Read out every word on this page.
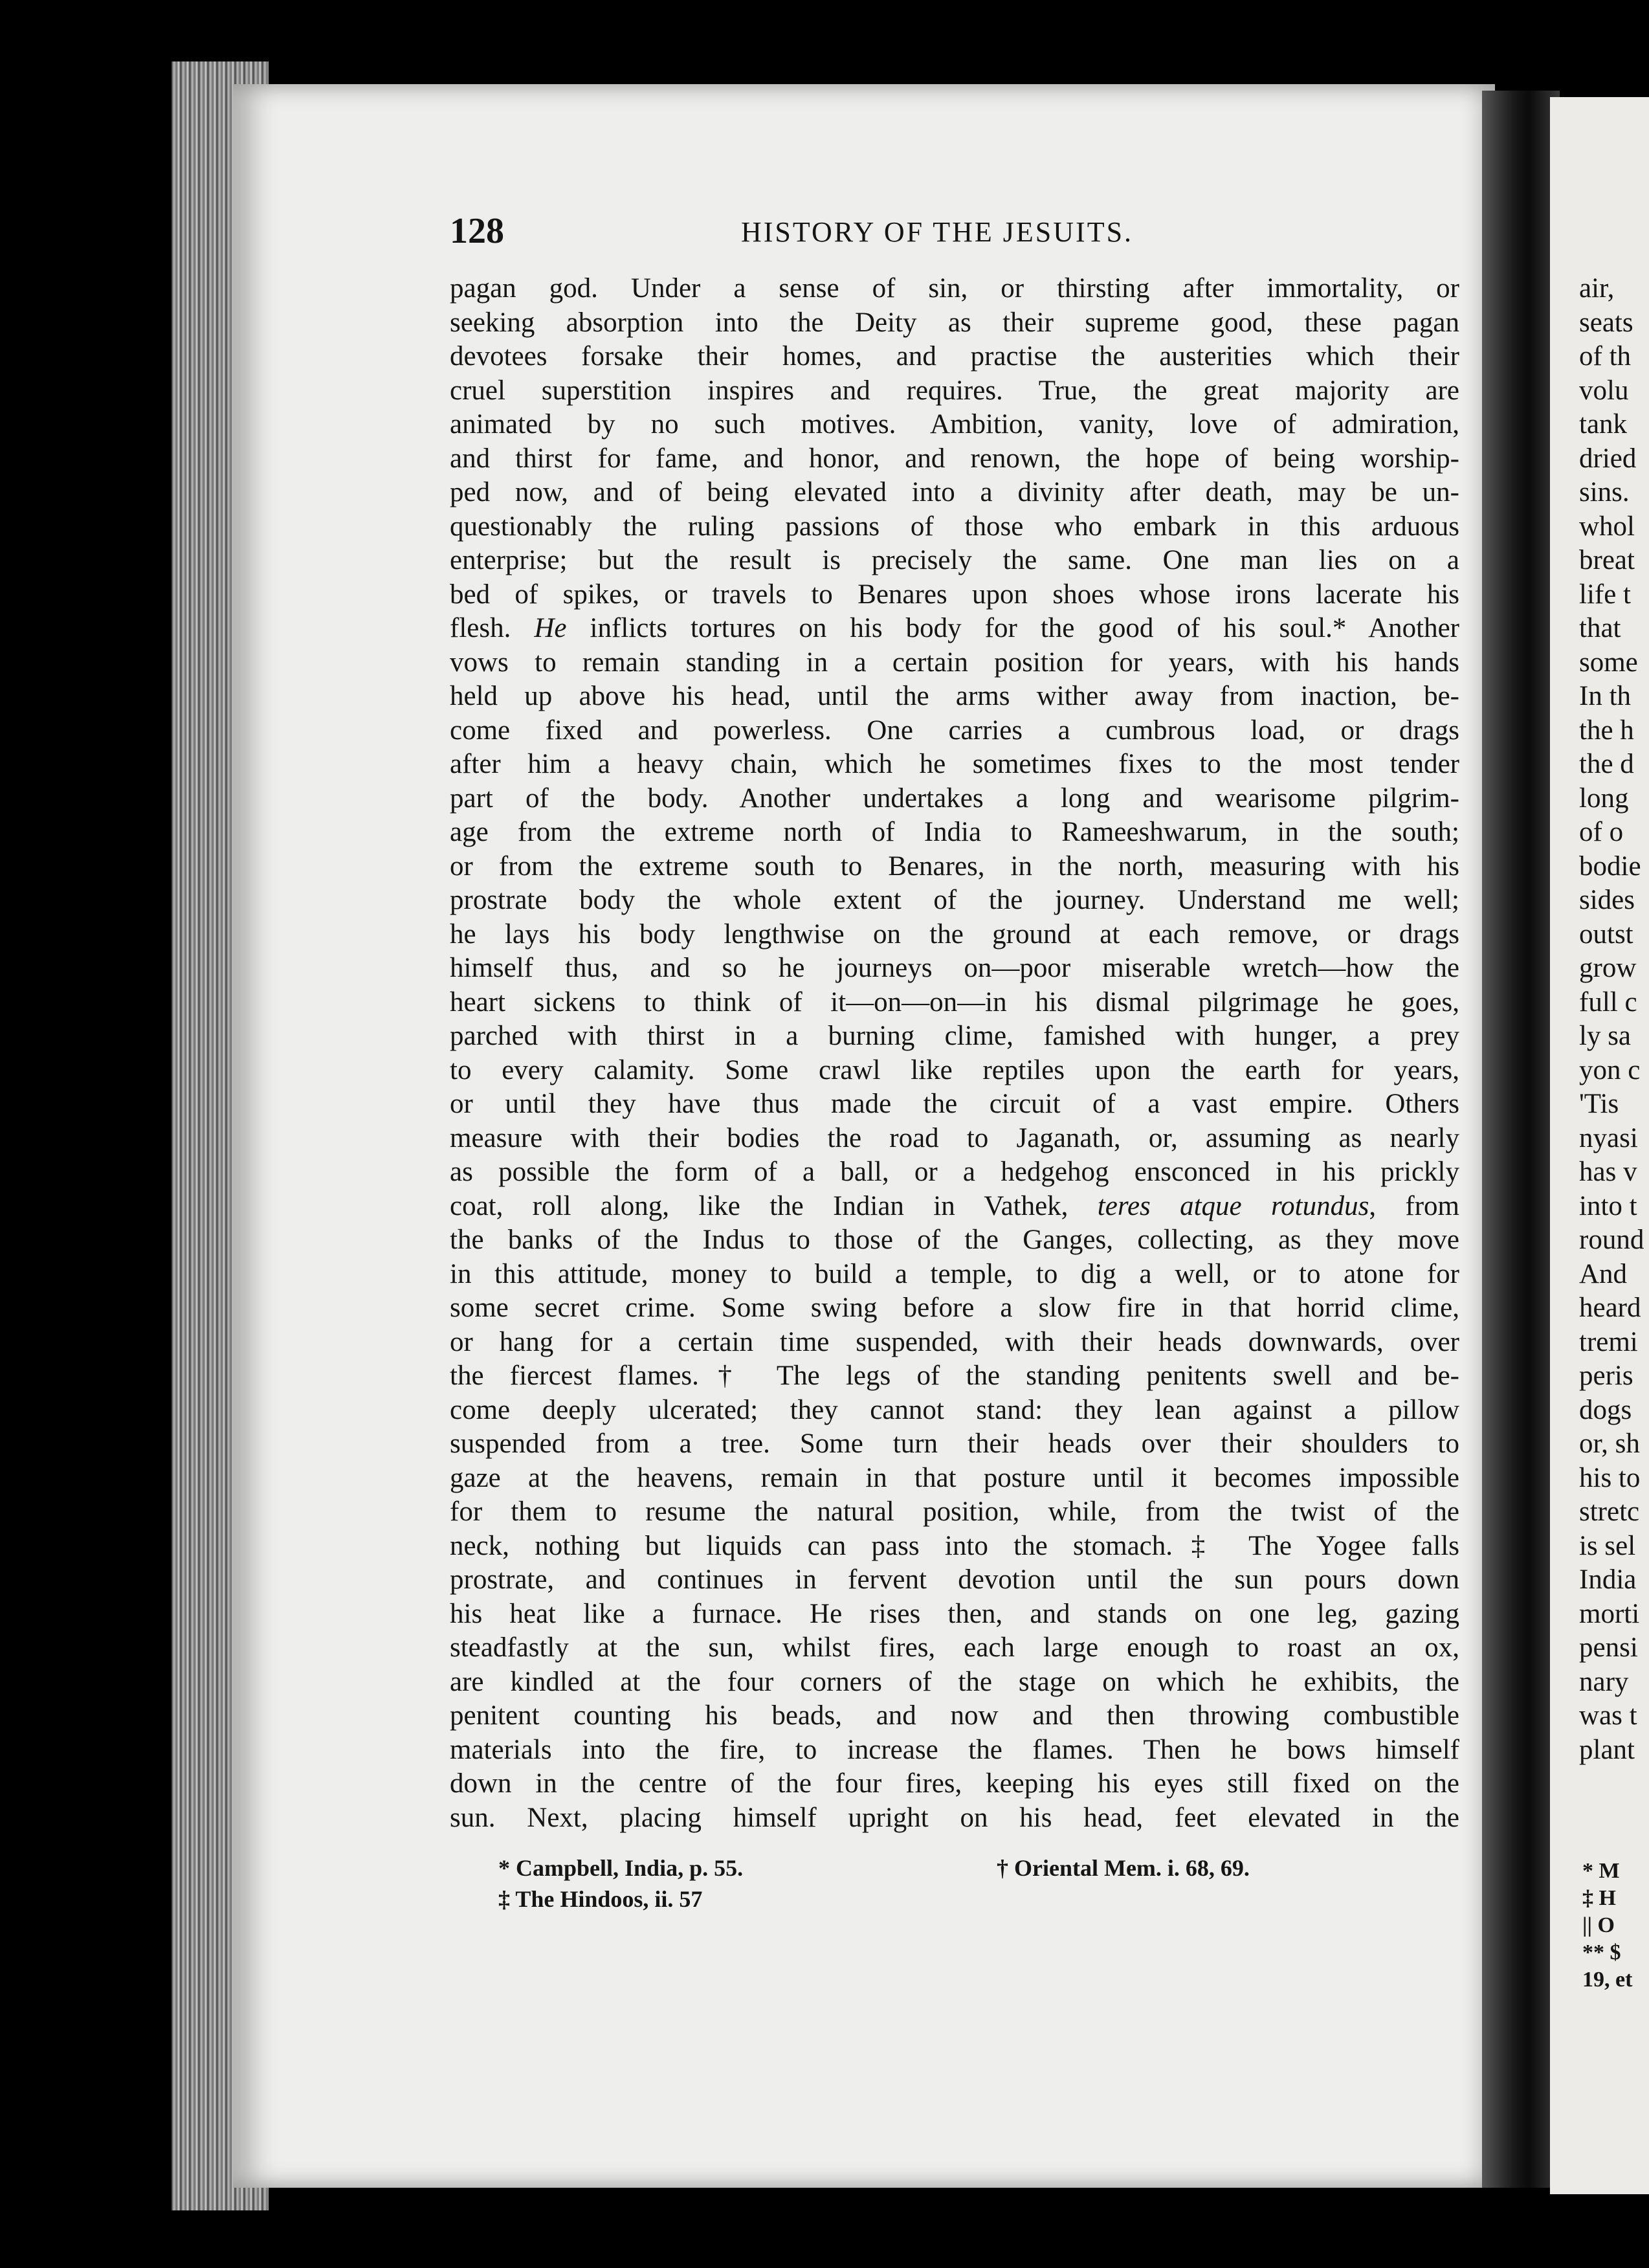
128	HISTORY OF THE JESUITS.
pagan god. Under a sense of sin, or thirsting after immortality, or
seeking absorption into the Deity as their supreme good, these pagan
devotees forsake their homes, and practise the austerities which their
cruel superstition inspires and requires. True, the great majority are
animated by no such motives. Ambition, vanity, love of admiration,
and thirst for fame, and honor, and renown, the hope of being worship-
ped now, and of being elevated into a divinity after death, may be un-
questionably the ruling passions of those who embark in this arduous
enterprise; but the result is precisely the same. One man lies on a
bed of spikes, or travels to Benares upon shoes whose irons lacerate his
flesh. He inflicts tortures on his body for the good of his soul.* Another
vows to remain standing in a certain position for years, with his hands
held up above his head, until the arms wither away from inaction, be-
come fixed and powerless. One carries a cumbrous load, or drags
after him a heavy chain, which he sometimes fixes to the most tender
part of the body. Another undertakes a long and wearisome pilgrim-
age from the extreme north of India to Rameeshwarum, in the south;
or from the extreme south to Benares, in the north, measuring with his
prostrate body the whole extent of the journey. Understand me well;
he lays his body lengthwise on the ground at each remove, or drags
himself thus, and so he journeys on—poor miserable wretch—how the
heart sickens to think of it—on—on—in his dismal pilgrimage he goes,
parched with thirst in a burning clime, famished with hunger, a prey
to every calamity. Some crawl like reptiles upon the earth for years,
or until they have thus made the circuit of a vast empire. Others
measure with their bodies the road to Jaganath, or, assuming as nearly
as possible the form of a ball, or a hedgehog ensconced in his prickly
coat, roll along, like the Indian in Vathek, teres atque rotundus, from
the banks of the Indus to those of the Ganges, collecting, as they move
in this attitude, money to build a temple, to dig a well, or to atone for
some secret crime. Some swing before a slow fire in that horrid clime,
or hang for a certain time suspended, with their heads downwards, over
the fiercest flames.† The legs of the standing penitents swell and be-
come deeply ulcerated; they cannot stand: they lean against a pillow
suspended from a tree. Some turn their heads over their shoulders to
gaze at the heavens, remain in that posture until it becomes impossible
for them to resume the natural position, while, from the twist of the
neck, nothing but liquids can pass into the stomach.‡ The Yogee falls
prostrate, and continues in fervent devotion until the sun pours down
his heat like a furnace. He rises then, and stands on one leg, gazing
steadfastly at the sun, whilst fires, each large enough to roast an ox,
are kindled at the four corners of the stage on which he exhibits, the
penitent counting his beads, and now and then throwing combustible
materials into the fire, to increase the flames. Then he bows himself
down in the centre of the four fires, keeping his eyes still fixed on the
sun. Next, placing himself upright on his head, feet elevated in the
* Campbell, India, p. 55.	† Oriental Mem. i. 68, 69.
‡ The Hindoos, ii. 57
air,
seats
of th
volu
tank
dried
sins.
whol
breat
life t
that
some
In th
the h
the d
long
of o
bodie
sides
outst
grow
full c
ly sa
yon c
'Tis
nyasi
has v
into t
round
And
heard
tremi
peris
dogs
or, sh
his to
stretc
is sel
India
morti
pensi
nary
was t
plant
* M
‡ H
|| O
** $
19, et
